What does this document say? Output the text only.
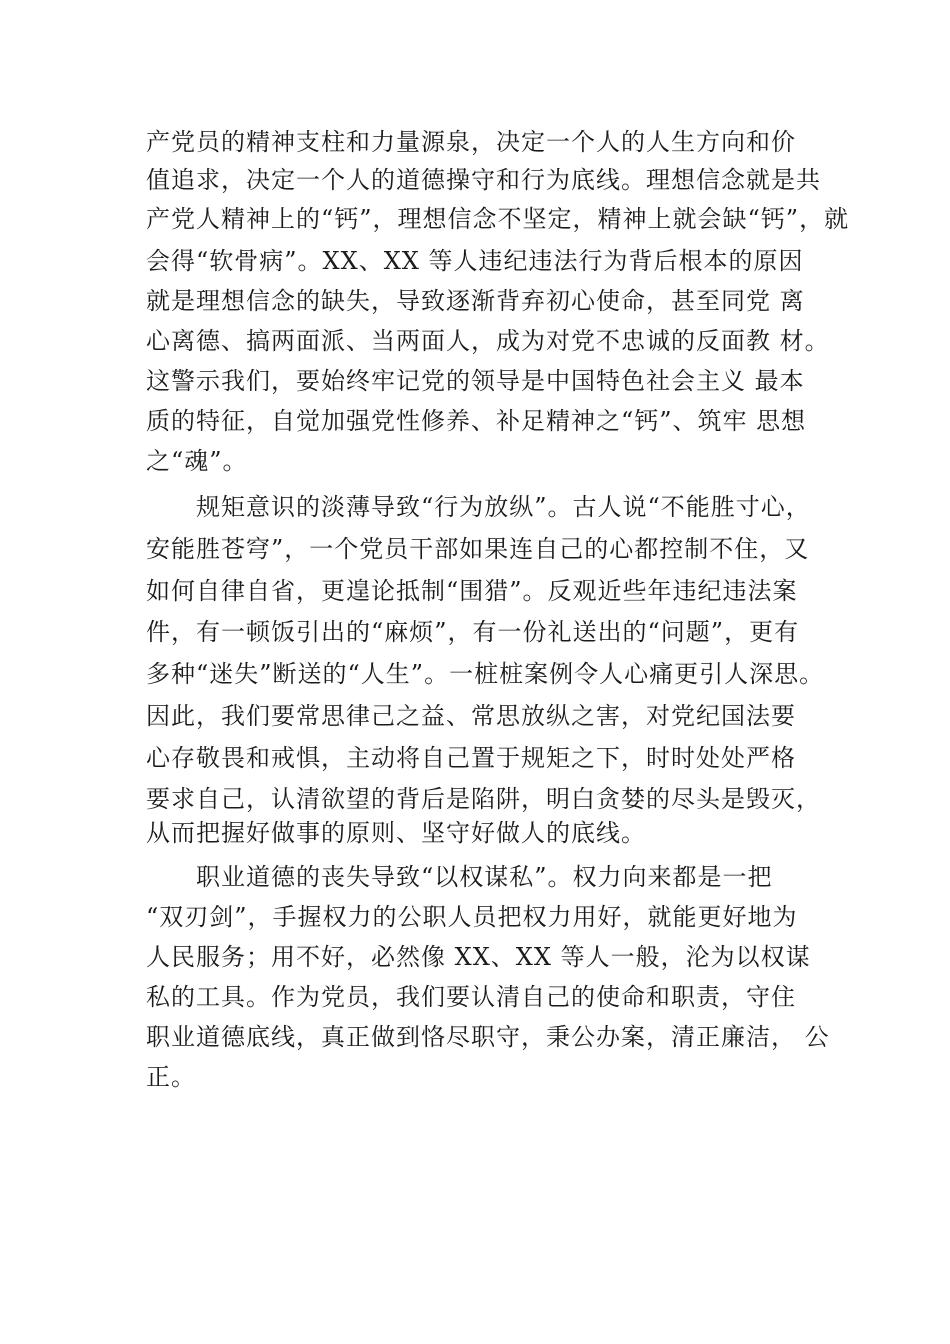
产党员的精神支柱和力量源泉，决定一个人的人生方向和价
值追求，决定一个人的道德操守和行为底线。理想信念就是共
产党人精神上的“钙”，理想信念不坚定，精神上就会缺“钙”，就
会得“软骨病”。XX、XX 等人违纪违法行为背后根本的原因
就是理想信念的缺失，导致逐渐背弃初心使命，甚至同党 离
心离德、搞两面派、当两面人，成为对党不忠诚的反面教 材。
这警示我们，要始终牢记党的领导是中国特色社会主义 最本
质的特征，自觉加强党性修养、补足精神之“钙”、筑牢 思想
之“魂”。
规矩意识的淡薄导致“行为放纵”。古人说“不能胜寸心，
安能胜苍穹”，一个党员干部如果连自己的心都控制不住，又
如何自律自省，更遑论抵制“围猎”。反观近些年违纪违法案
件，有一顿饭引出的“麻烦”，有一份礼送出的“问题”，更有
多种“迷失”断送的“人生”。一桩桩案例令人心痛更引人深思。
因此，我们要常思律己之益、常思放纵之害，对党纪国法要
心存敬畏和戒惧，主动将自己置于规矩之下，时时处处严格
要求自己，认清欲望的背后是陷阱，明白贪婪的尽头是毁灭，
从而把握好做事的原则、坚守好做人的底线。
职业道德的丧失导致“以权谋私”。权力向来都是一把
“双刃剑”，手握权力的公职人员把权力用好，就能更好地为
人民服务；用不好，必然像 XX、XX 等人一般，沦为以权谋
私的工具。作为党员，我们要认清自己的使命和职责，守住
职业道德底线，真正做到恪尽职守，秉公办案，清正廉洁， 公
正。
